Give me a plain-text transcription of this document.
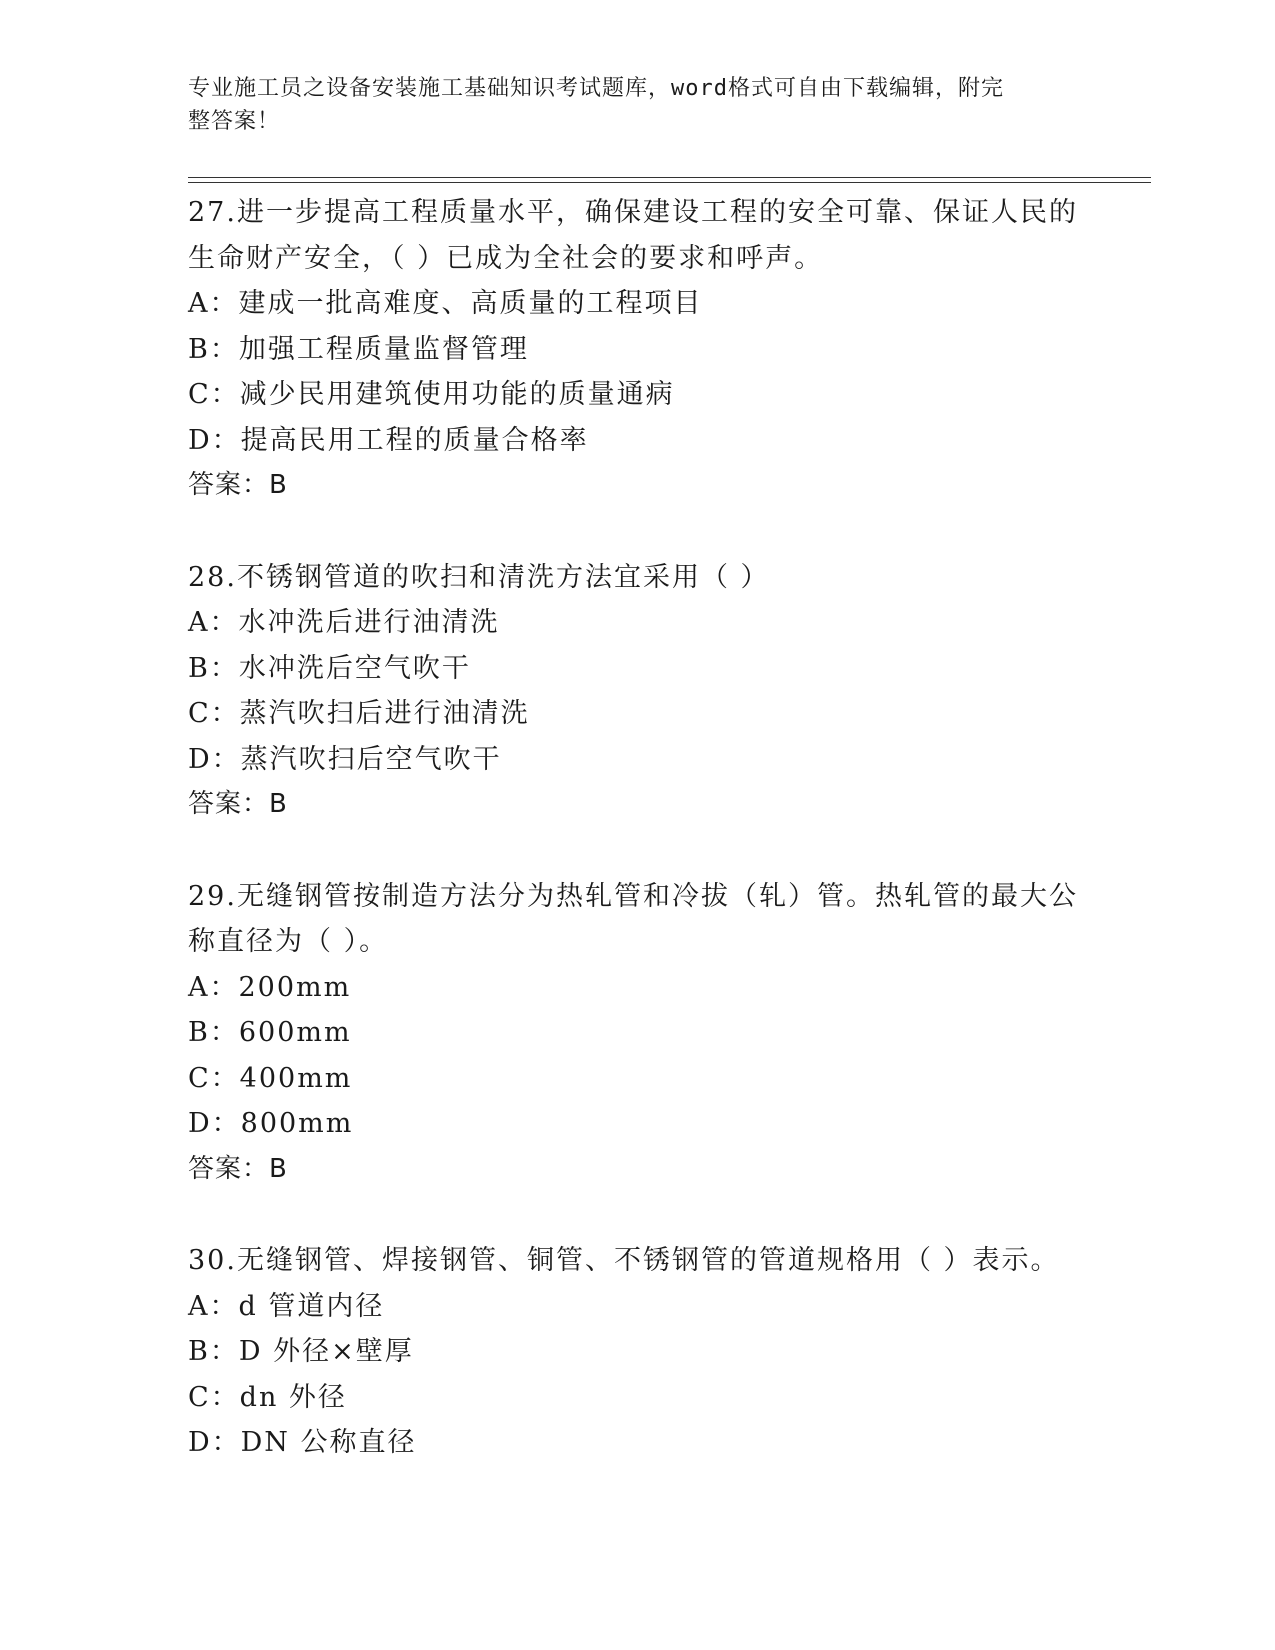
专业施工员之设备安装施工基础知识考试题库，word格式可自由下载编辑，附完
整答案！
27.进一步提高工程质量水平，确保建设工程的安全可靠、保证人民的
生命财产安全，（ ）已成为全社会的要求和呼声。
A：建成一批高难度、高质量的工程项目
B：加强工程质量监督管理
C：减少民用建筑使用功能的质量通病
D：提高民用工程的质量合格率
答案：B
28.不锈钢管道的吹扫和清洗方法宜采用（ ）
A：水冲洗后进行油清洗
B：水冲洗后空气吹干
C：蒸汽吹扫后进行油清洗
D：蒸汽吹扫后空气吹干
答案：B
29.无缝钢管按制造方法分为热轧管和冷拔（轧）管。热轧管的最大公
称直径为（ ）。
A：200mm
B：600mm
C：400mm
D：800mm
答案：B
30.无缝钢管、焊接钢管、铜管、不锈钢管的管道规格用（ ）表示。
A：d 管道内径
B：D 外径×壁厚
C：dn 外径
D：DN 公称直径
